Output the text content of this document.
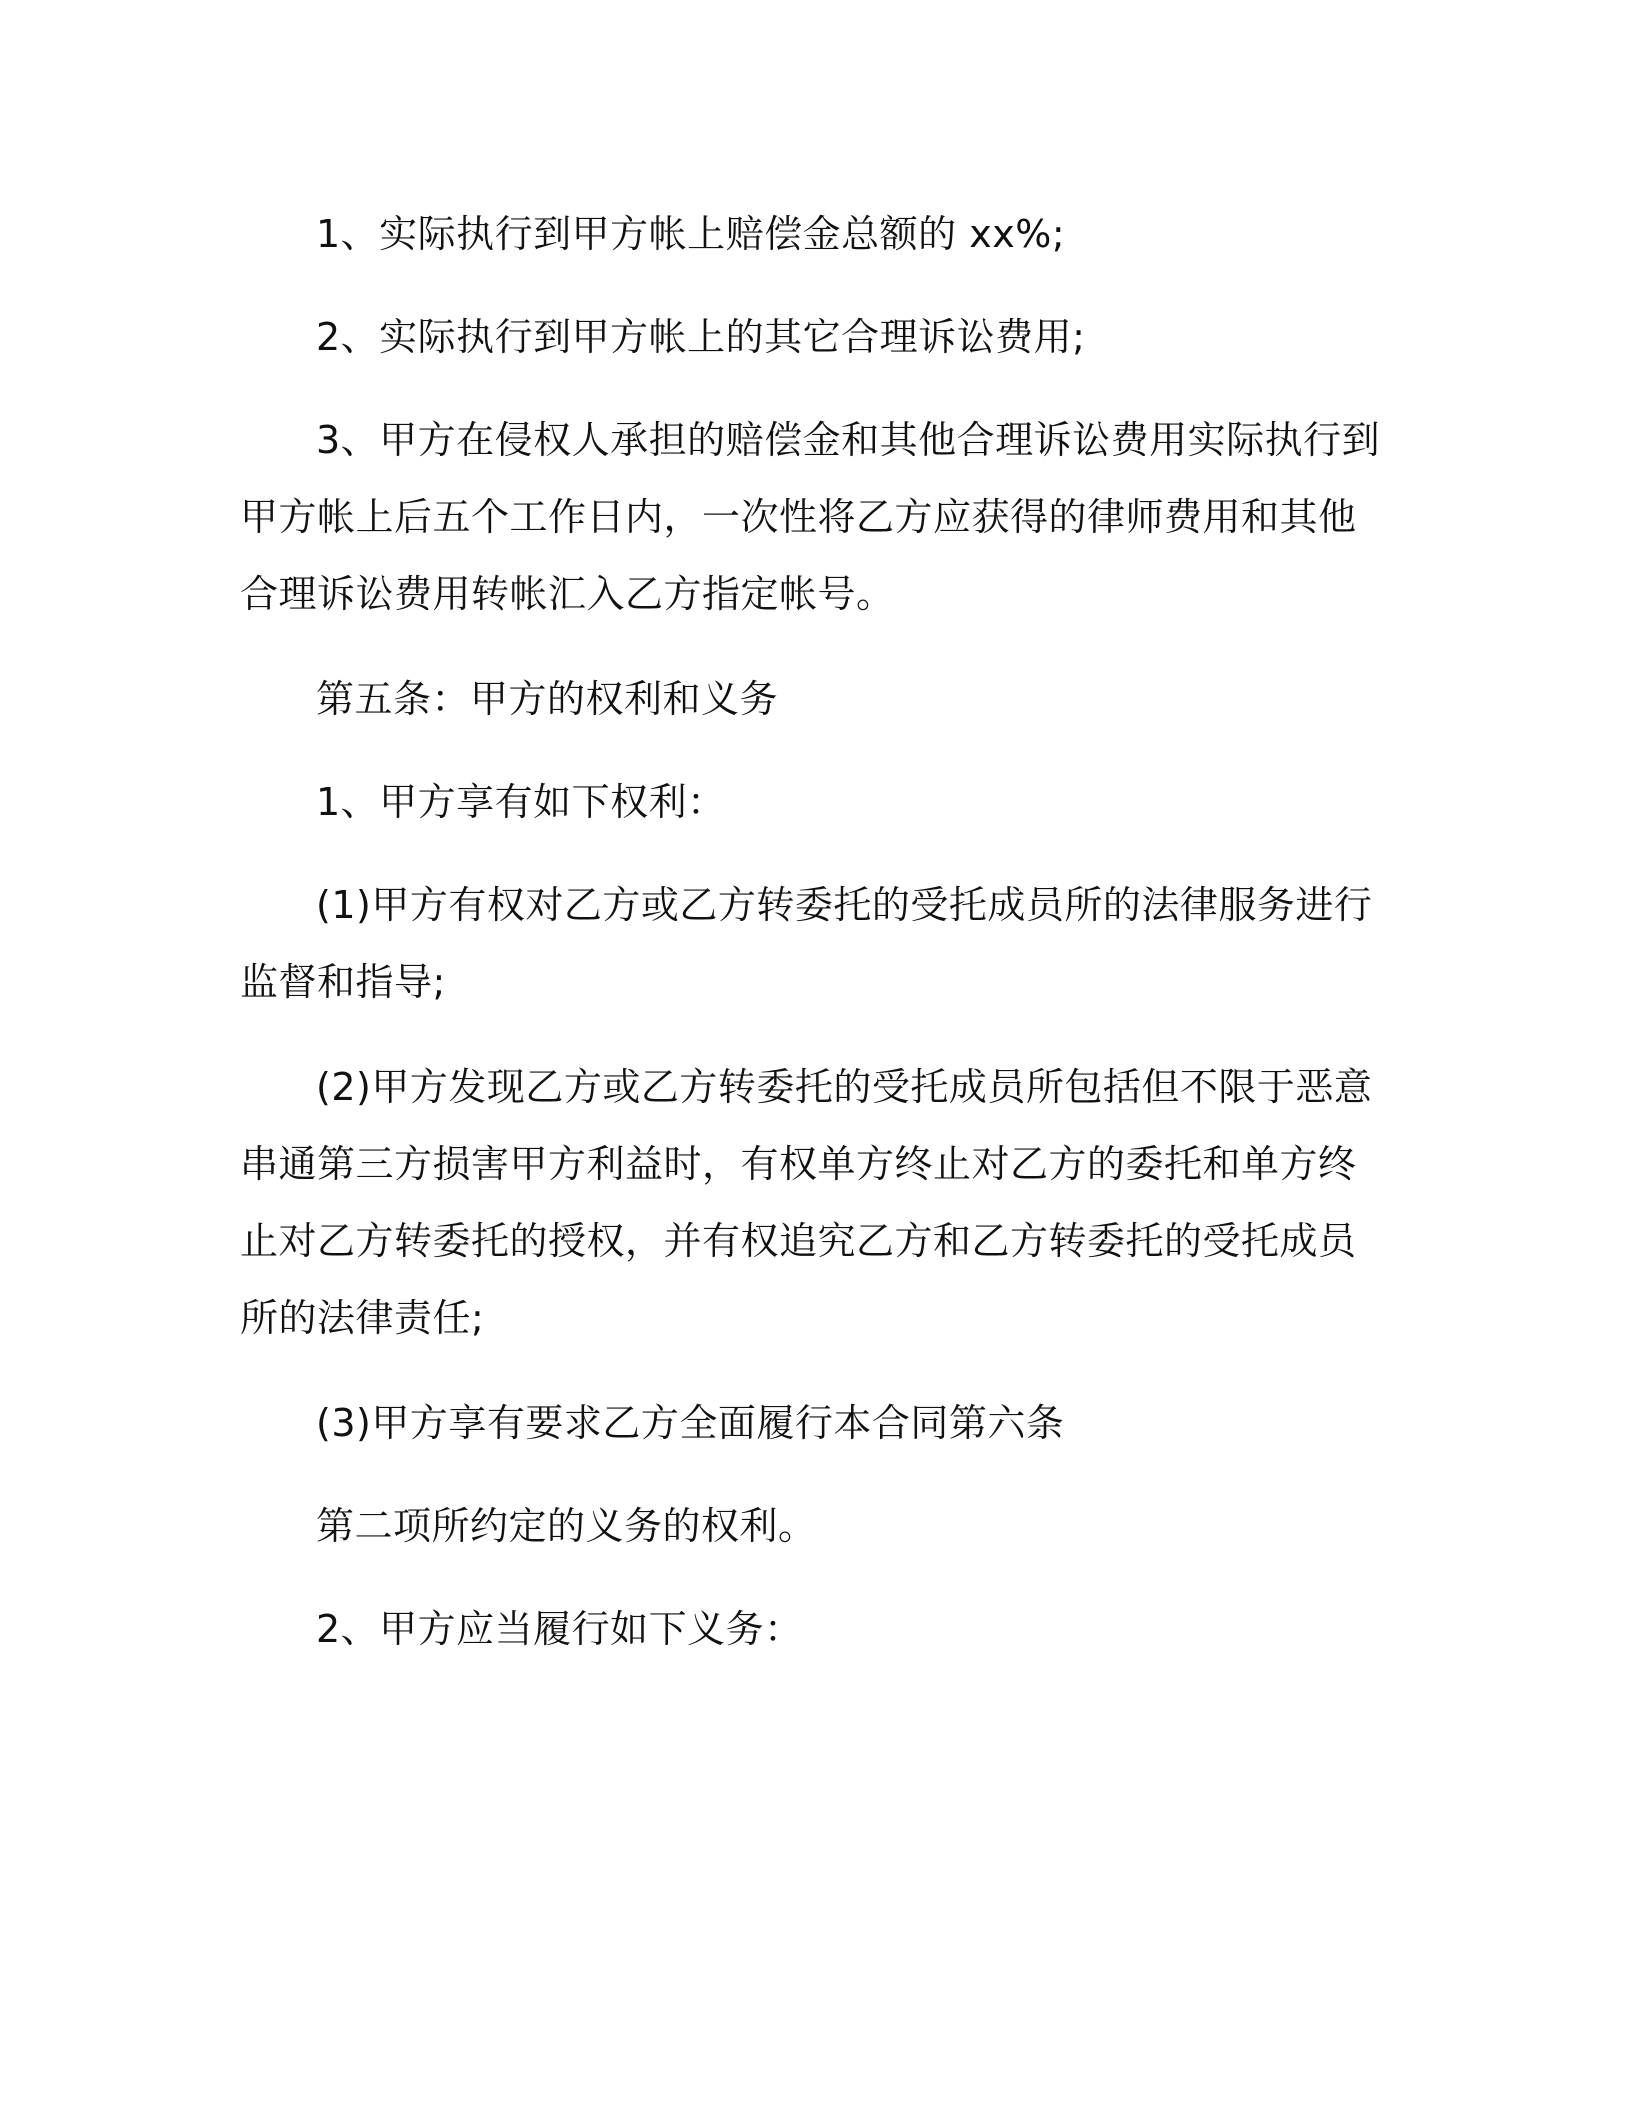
1、实际执行到甲方帐上赔偿金总额的 xx%;

2、实际执行到甲方帐上的其它合理诉讼费用;

3、甲方在侵权人承担的赔偿金和其他合理诉讼费用实际执行到甲方帐上后五个工作日内，一次性将乙方应获得的律师费用和其他合理诉讼费用转帐汇入乙方指定帐号。

第五条：甲方的权利和义务

1、甲方享有如下权利：

(1)甲方有权对乙方或乙方转委托的受托成员所的法律服务进行监督和指导;

(2)甲方发现乙方或乙方转委托的受托成员所包括但不限于恶意串通第三方损害甲方利益时，有权单方终止对乙方的委托和单方终止对乙方转委托的授权，并有权追究乙方和乙方转委托的受托成员所的法律责任;

(3)甲方享有要求乙方全面履行本合同第六条

第二项所约定的义务的权利。

2、甲方应当履行如下义务：
